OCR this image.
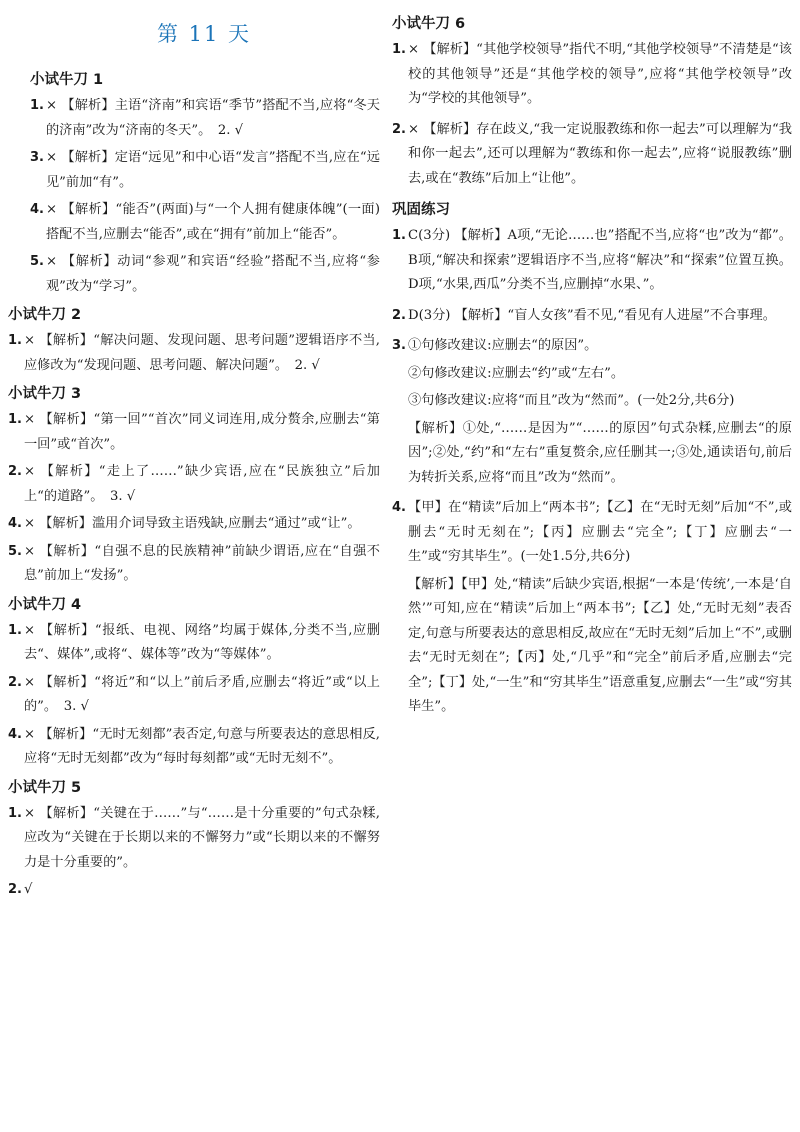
第 11 天
小试牛刀 1
1. × 【解析】主语“济南”和宾语“季节”搭配不当,应将“冬天的济南”改为“济南的冬天”。　2. √
3. × 【解析】定语“远见”和中心语“发言”搭配不当,应在“远见”前加“有”。
4. × 【解析】“能否”(两面)与“一个人拥有健康体魄”(一面)搭配不当,应删去“能否”,或在“拥有”前加上“能否”。
5. × 【解析】动词“参观”和宾语“经验”搭配不当,应将“参观”改为“学习”。
小试牛刀 2
1. × 【解析】“解决问题、发现问题、思考问题”逻辑语序不当,应修改为“发现问题、思考问题、解决问题”。　2. √
小试牛刀 3
1. × 【解析】“第一回”“首次”同义词连用,成分赘余,应删去“第一回”或“首次”。
2. × 【解析】“走上了……”缺少宾语,应在“民族独立”后加上“的道路”。　3. √
4. × 【解析】滥用介词导致主语残缺,应删去“通过”或“让”。
5. × 【解析】“自强不息的民族精神”前缺少谓语,应在“自强不息”前加上“发扬”。
小试牛刀 4
1. × 【解析】“报纸、电视、网络”均属于媒体,分类不当,应删去“、媒体”,或将“、媒体等”改为“等媒体”。
2. × 【解析】“将近”和“以上”前后矛盾,应删去“将近”或“以上的”。　3. √
4. × 【解析】“无时无刻都”表否定,句意与所要表达的意思相反,应将“无时无刻都”改为“每时每刻都”或“无时无刻不”。
小试牛刀 5
1. × 【解析】“关键在于……”与“……是十分重要的”句式杂糅,应改为“关键在于长期以来的不懈努力”或“长期以来的不懈努力是十分重要的”。
2. √
小试牛刀 6
1. × 【解析】“其他学校领导”指代不明,“其他学校领导”不清楚是“该校的其他领导”还是“其他学校的领导”,应将“其他学校领导”改为“学校的其他领导”。
2. × 【解析】存在歧义,“我一定说服教练和你一起去”可以理解为“我和你一起去”,还可以理解为“教练和你一起去”,应将“说服教练”删去,或在“教练”后加上“让他”。
巩固练习
1. C(3分) 【解析】A项,“无论……也”搭配不当,应将“也”改为“都”。B项,“解决和探索”逻辑语序不当,应将“解决”和“探索”位置互换。D项,“水果,西瓜”分类不当,应删掉“水果、”。
2. D(3分) 【解析】“盲人女孩”看不见,“看见有人进屋”不合事理。
3. ①句修改建议:应删去“的原因”。
②句修改建议:应删去“约”或“左右”。
③句修改建议:应将“而且”改为“然而”。(一处2分,共6分)
【解析】①处,“……是因为”“……的原因”句式杂糅,应删去“的原因”;②处,“约”和“左右”重复赘余,应任删其一;③处,通读语句,前后为转折关系,应将“而且”改为“然而”。
4. 【甲】在“精读”后加上“两本书”;【乙】在“无时无刻”后加“不”,或删去“无时无刻在”;【丙】应删去“完全”;【丁】应删去“一生”或“穷其毕生”。(一处1.5分,共6分)
【解析】【甲】处,“精读”后缺少宾语,根据“一本是‘传统’,一本是‘自然’”可知,应在“精读”后加上“两本书”;【乙】处,“无时无刻”表否定,句意与所要表达的意思相反,故应在“无时无刻”后加上“不”,或删去“无时无刻在”;【丙】处,“几乎”和“完全”前后矛盾,应删去“完全”;【丁】处,“一生”和“穷其毕生”语意重复,应删去“一生”或“穷其毕生”。
